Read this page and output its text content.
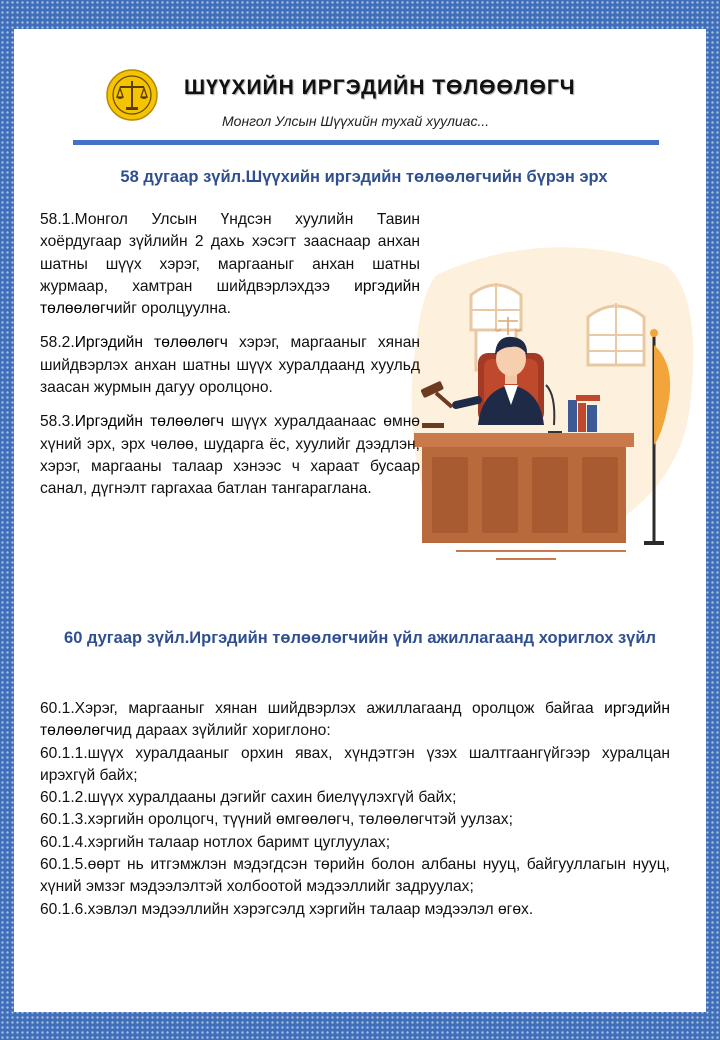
ШҮҮХИЙН ИРГЭДИЙН ТӨЛӨӨЛӨГЧ
Монгол Улсын Шүүхийн тухай хуулиас...
58 дугаар зүйл.Шүүхийн иргэдийн төлөөлөгчийн бүрэн эрх

58.1.Монгол Улсын Үндсэн хуулийн Тавин хоёрдугаар зүйлийн 2 дахь хэсэгт зааснаар анхан шатны шүүх хэрэг, маргааныг анхан шатны журмаар, хамтран шийдвэрлэхдээ иргэдийн төлөөлөгчийг оролцуулна.

58.2.Иргэдийн төлөөлөгч хэрэг, маргааныг хянан шийдвэрлэх анхан шатны шүүх хуралдаанд хуульд заасан журмын дагуу оролцоно.

58.3.Иргэдийн төлөөлөгч шүүх хуралдаанаас өмнө хүний эрх, эрх чөлөө, шударга ёс, хуулийг дээдлэн, хэрэг, маргааны талаар хэнээс ч хараат бусаар санал, дүгнэлт гаргахаа батлан тангараглана.

60 дугаар зүйл.Иргэдийн төлөөлөгчийн үйл ажиллагаанд хориглох зүйл

60.1.Хэрэг, маргааныг хянан шийдвэрлэх ажиллагаанд оролцож байгаа иргэдийн төлөөлөгчид дараах зүйлийг хориглоно:

60.1.1.шүүх хуралдааныг орхин явах, хүндэтгэн үзэх шалтгаангүйгээр хуралцан ирэхгүй байх;

60.1.2.шүүх хуралдааны дэгийг сахин биелүүлэхгүй байх;

60.1.3.хэргийн оролцогч, түүний өмгөөлөгч, төлөөлөгчтэй уулзах;

60.1.4.хэргийн талаар нотлох баримт цуглуулах;

60.1.5.өөрт нь итгэмжлэн мэдэгдсэн төрийн болон албаны нууц, байгууллагын нууц, хүний эмзэг мэдээлэлтэй холбоотой мэдээллийг задруулах;

60.1.6.хэвлэл мэдээллийн хэрэгсэлд хэргийн талаар мэдээлэл өгөх.
